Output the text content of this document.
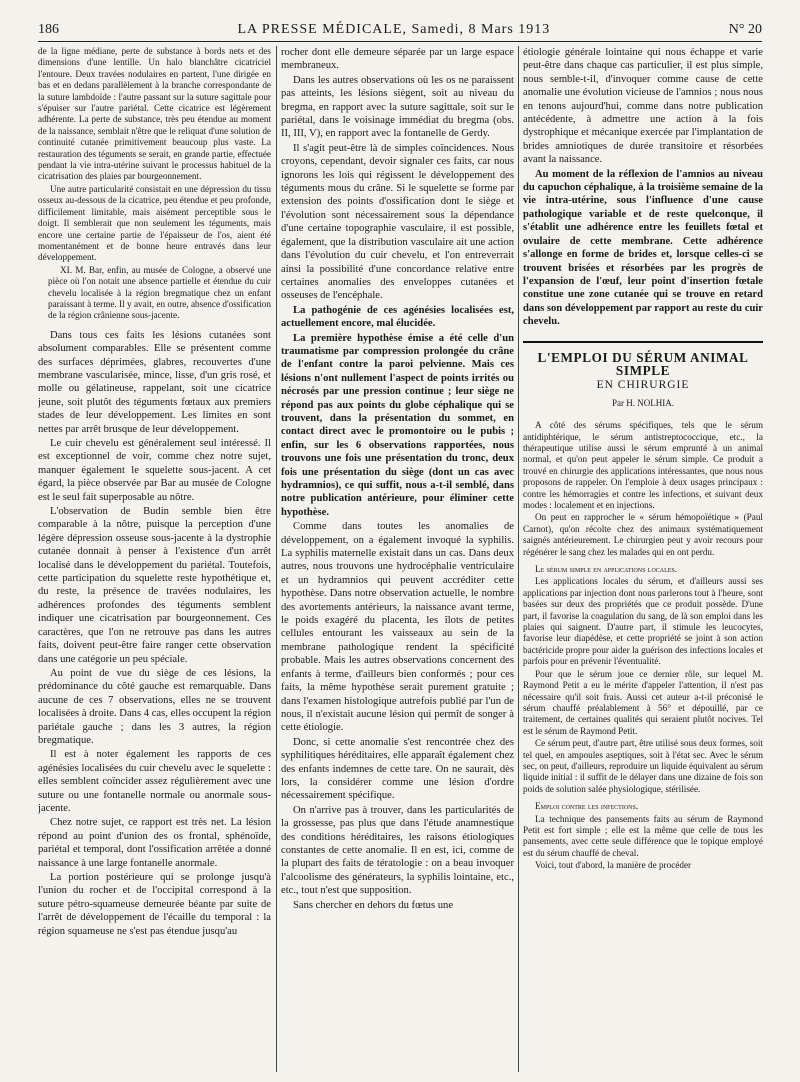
186	LA PRESSE MÉDICALE, Samedi, 8 Mars 1913	N° 20

de la ligne médiane, perte de substance à bords nets et des dimensions d'une lentille. Un halo blanchâtre cicatriciel l'entoure. Deux travées nodulaires en partent, l'une dirigée en bas et en dedans parallèlement à la branche correspondante de la suture lambdoïde : l'autre passant sur la suture sagittale pour s'épuiser sur l'autre pariétal. Cette cicatrice est légèrement adhérente. La perte de substance, très peu étendue au moment de la naissance, semblait n'être que le reliquat d'une solution de continuité cutanée primitivement beaucoup plus vaste. La restauration des téguments se serait, en grande partie, effectuée pendant la vie intra-utérine suivant le processus habituel de la cicatrisation des plaies par bourgeonnement.

Une autre particularité consistait en une dépression du tissu osseux au-dessous de la cicatrice, peu étendue et peu profonde, difficilement limitable, mais aisément perceptible sous le doigt. Il semblerait que non seulement les téguments, mais encore une certaine partie de l'épaisseur de l'os, aient été momentanément et de bonne heure entravés dans leur développement.

XI. M. Bar, enfin, au musée de Cologne, a observé une pièce où l'on notait une absence partielle et étendue du cuir chevelu localisée à la région bregmatique chez un enfant paraissant à terme. Il y avait, en outre, absence d'ossification de la région crânienne sous-jacente.

Dans tous ces faits les lésions cutanées sont absolument comparables. Elle se présentent comme des surfaces déprimées, glabres, recouvertes d'une membrane vascularisée, mince, lisse, d'un gris rosé, et molle ou gélatineuse, rappelant, soit une cicatrice jeune, soit plutôt des téguments fœtaux aux premiers stades de leur développement. Les limites en sont nettes par arrêt brusque de leur développement.

Le cuir chevelu est généralement seul intéressé. Il est exceptionnel de voir, comme chez notre sujet, manquer également le squelette sous-jacent. A cet égard, la pièce observée par Bar au musée de Cologne est le seul fait superposable au nôtre.

L'observation de Budin semble bien être comparable à la nôtre, puisque la perception d'une légère dépression osseuse sous-jacente à la dystrophie cutanée donnait à penser à l'existence d'un arrêt localisé dans le développement du pariétal. Toutefois, cette participation du squelette reste hypothétique et, du reste, la présence de travées nodulaires, les adhérences profondes des téguments semblent indiquer une cicatrisation par bourgeonnement. Ces caractères, que l'on ne retrouve pas dans les autres faits, doivent peut-être faire ranger cette observation dans une catégorie un peu spéciale.

Au point de vue du siège de ces lésions, la prédominance du côté gauche est remarquable. Dans aucune de ces 7 observations, elles ne se trouvent localisées à droite. Dans 4 cas, elles occupent la région pariétale gauche ; dans les 3 autres, la région bregmatique.

Il est à noter également les rapports de ces agénésies localisées du cuir chevelu avec le squelette : elles semblent coïncider assez régulièrement avec une suture ou une fontanelle normale ou anormale sous-jacente.

Chez notre sujet, ce rapport est très net. La lésion répond au point d'union des os frontal, sphénoïde, pariétal et temporal, dont l'ossification arrêtée a donné naissance à une large fontanelle anormale.

La portion postérieure qui se prolonge jusqu'à l'union du rocher et de l'occipital correspond à la suture pétro-squameuse demeurée béante par suite de l'arrêt de développement de l'écaille du temporal : la région squameuse ne s'est pas étendue jusqu'au

rocher dont elle demeure séparée par un large espace membraneux.

Dans les autres observations où les os ne paraissent pas atteints, les lésions siègent, soit au niveau du bregma, en rapport avec la suture sagittale, soit sur le pariétal, dans le voisinage immédiat du bregma (obs. II, III, V), en rapport avec la fontanelle de Gerdy.

Il s'agit peut-être là de simples coïncidences. Nous croyons, cependant, devoir signaler ces faits, car nous ignorons les lois qui régissent le développement des téguments mous du crâne. Si le squelette se forme par extension des points d'ossification dont le siège et l'évolution sont nécessairement sous la dépendance d'une certaine topographie vasculaire, il est possible, également, que la distribution vasculaire ait une action dans l'évolution du cuir chevelu, et l'on entreverrait ainsi la possibilité d'une concordance relative entre certaines anomalies des enveloppes cutanées et osseuses de l'encéphale.

La pathogénie de ces agénésies localisées est, actuellement encore, mal élucidée.

La première hypothèse émise a été celle d'un traumatisme par compression prolongée du crâne de l'enfant contre la paroi pelvienne. Mais ces lésions n'ont nullement l'aspect de points irrités ou nécrosés par une pression continue ; leur siège ne répond pas aux points du globe céphalique qui se trouvent, dans la présentation du sommet, en contact direct avec le promontoire ou le pubis ; enfin, sur les 6 observations rapportées, nous trouvons une fois une présentation du tronc, deux fois une présentation du siège (dont un cas avec hydramnios), ce qui suffit, nous a-t-il semblé, dans notre publication antérieure, pour éliminer cette hypothèse.

Comme dans toutes les anomalies de développement, on a également invoqué la syphilis. La syphilis maternelle existait dans un cas. Dans deux autres, nous trouvons une hydrocéphalie ventriculaire et un hydramnios qui peuvent accréditer cette hypothèse. Dans notre observation actuelle, le nombre des avortements antérieurs, la naissance avant terme, le poids exagéré du placenta, les îlots de petites cellules entourant les vaisseaux au sein de la membrane pathologique rendent la spécificité probable. Mais les autres observations concernent des enfants à terme, d'ailleurs bien conformés ; pour ces faits, la même hypothèse serait purement gratuite ; dans l'examen histologique autrefois publié par l'un de nous, il n'existait aucune lésion qui permît de songer à cette étiologie.

Donc, si cette anomalie s'est rencontrée chez des syphilitiques héréditaires, elle apparaît également chez des enfants indemnes de cette tare. On ne saurait, dès lors, la considérer comme une lésion d'ordre nécessairement spécifique.

On n'arrive pas à trouver, dans les particularités de la grossesse, pas plus que dans l'étude anamnestique des conditions héréditaires, les raisons étiologiques constantes de cette anomalie. Il en est, ici, comme de la plupart des faits de tératologie : on a beau invoquer l'alcoolisme des générateurs, la syphilis lointaine, etc., etc., tout n'est que supposition.

Sans chercher en dehors du fœtus une

étiologie générale lointaine qui nous échappe et varie peut-être dans chaque cas particulier, il est plus simple, nous semble-t-il, d'invoquer comme cause de cette anomalie une évolution vicieuse de l'amnios ; nous nous en tenons aujourd'hui, comme dans notre publication antécédente, à admettre une action à la fois dystrophique et mécanique exercée par l'implantation de brides amniotiques de durée transitoire et résorbées avant la naissance.

Au moment de la réflexion de l'amnios au niveau du capuchon céphalique, à la troisième semaine de la vie intra-utérine, sous l'influence d'une cause pathologique variable et de reste quelconque, il s'établit une adhérence entre les feuillets fœtal et ovulaire de cette membrane. Cette adhérence s'allonge en forme de brides et, lorsque celles-ci se trouvent brisées et résorbées par les progrès de l'expansion de l'œuf, leur point d'insertion fœtale constitue une zone cutanée qui se trouve en retard dans son développement par rapport au reste du cuir chevelu.

L'EMPLOI DU SÉRUM ANIMAL SIMPLE
EN CHIRURGIE
Par H. NOLHIA.

A côté des sérums spécifiques, tels que le sérum antidiphtérique, le sérum antistreptococcique, etc., la thérapeutique utilise aussi le sérum emprunté à un animal normal, et qu'on peut appeler le sérum simple. Ce produit a trouvé en chirurgie des applications intéressantes, que nous nous proposons de rappeler. On l'emploie à deux usages principaux : contre les hémorragies et contre les infections, et suivant deux modes : localement et en injections.

On peut en rapprocher le « sérum hémopoïétique » (Paul Carnot), qu'on récolte chez des animaux systématiquement saignés antérieurement. Le chirurgien peut y avoir recours pour régénérer le sang chez les malades qui en ont perdu.

Le sérum simple en applications locales.

Les applications locales du sérum, et d'ailleurs aussi ses applications par injection dont nous parlerons tout à l'heure, sont basées sur deux des propriétés que ce produit possède. D'une part, il favorise la coagulation du sang, de là son emploi dans les plaies qui saignent. D'autre part, il stimule les leucocytes, favorise leur diapédèse, et cette propriété se joint à son action bactéricide propre pour aider la guérison des infections locales et parfois pour en prévenir l'éventualité.

Pour que le sérum joue ce dernier rôle, sur lequel M. Raymond Petit a eu le mérite d'appeler l'attention, il n'est pas nécessaire qu'il soit frais. Aussi cet auteur a-t-il préconisé le sérum chauffé préalablement à 56° et dépouillé, par ce traitement, de certaines qualités qui seraient plutôt nocives. Tel est le sérum de Raymond Petit.

Ce sérum peut, d'autre part, être utilisé sous deux formes, soit tel quel, en ampoules aseptiques, soit à l'état sec. Avec le sérum sec, on peut, d'ailleurs, reproduire un liquide équivalent au sérum liquide initial : il suffit de le délayer dans une dizaine de fois son poids de solution salée physiologique, stérilisée.

Emploi contre les infections.

La technique des pansements faits au sérum de Raymond Petit est fort simple ; elle est la même que celle de tous les pansements, avec cette seule différence que le topique employé est du sérum chauffé de cheval.

Voici, tout d'abord, la manière de procéder
